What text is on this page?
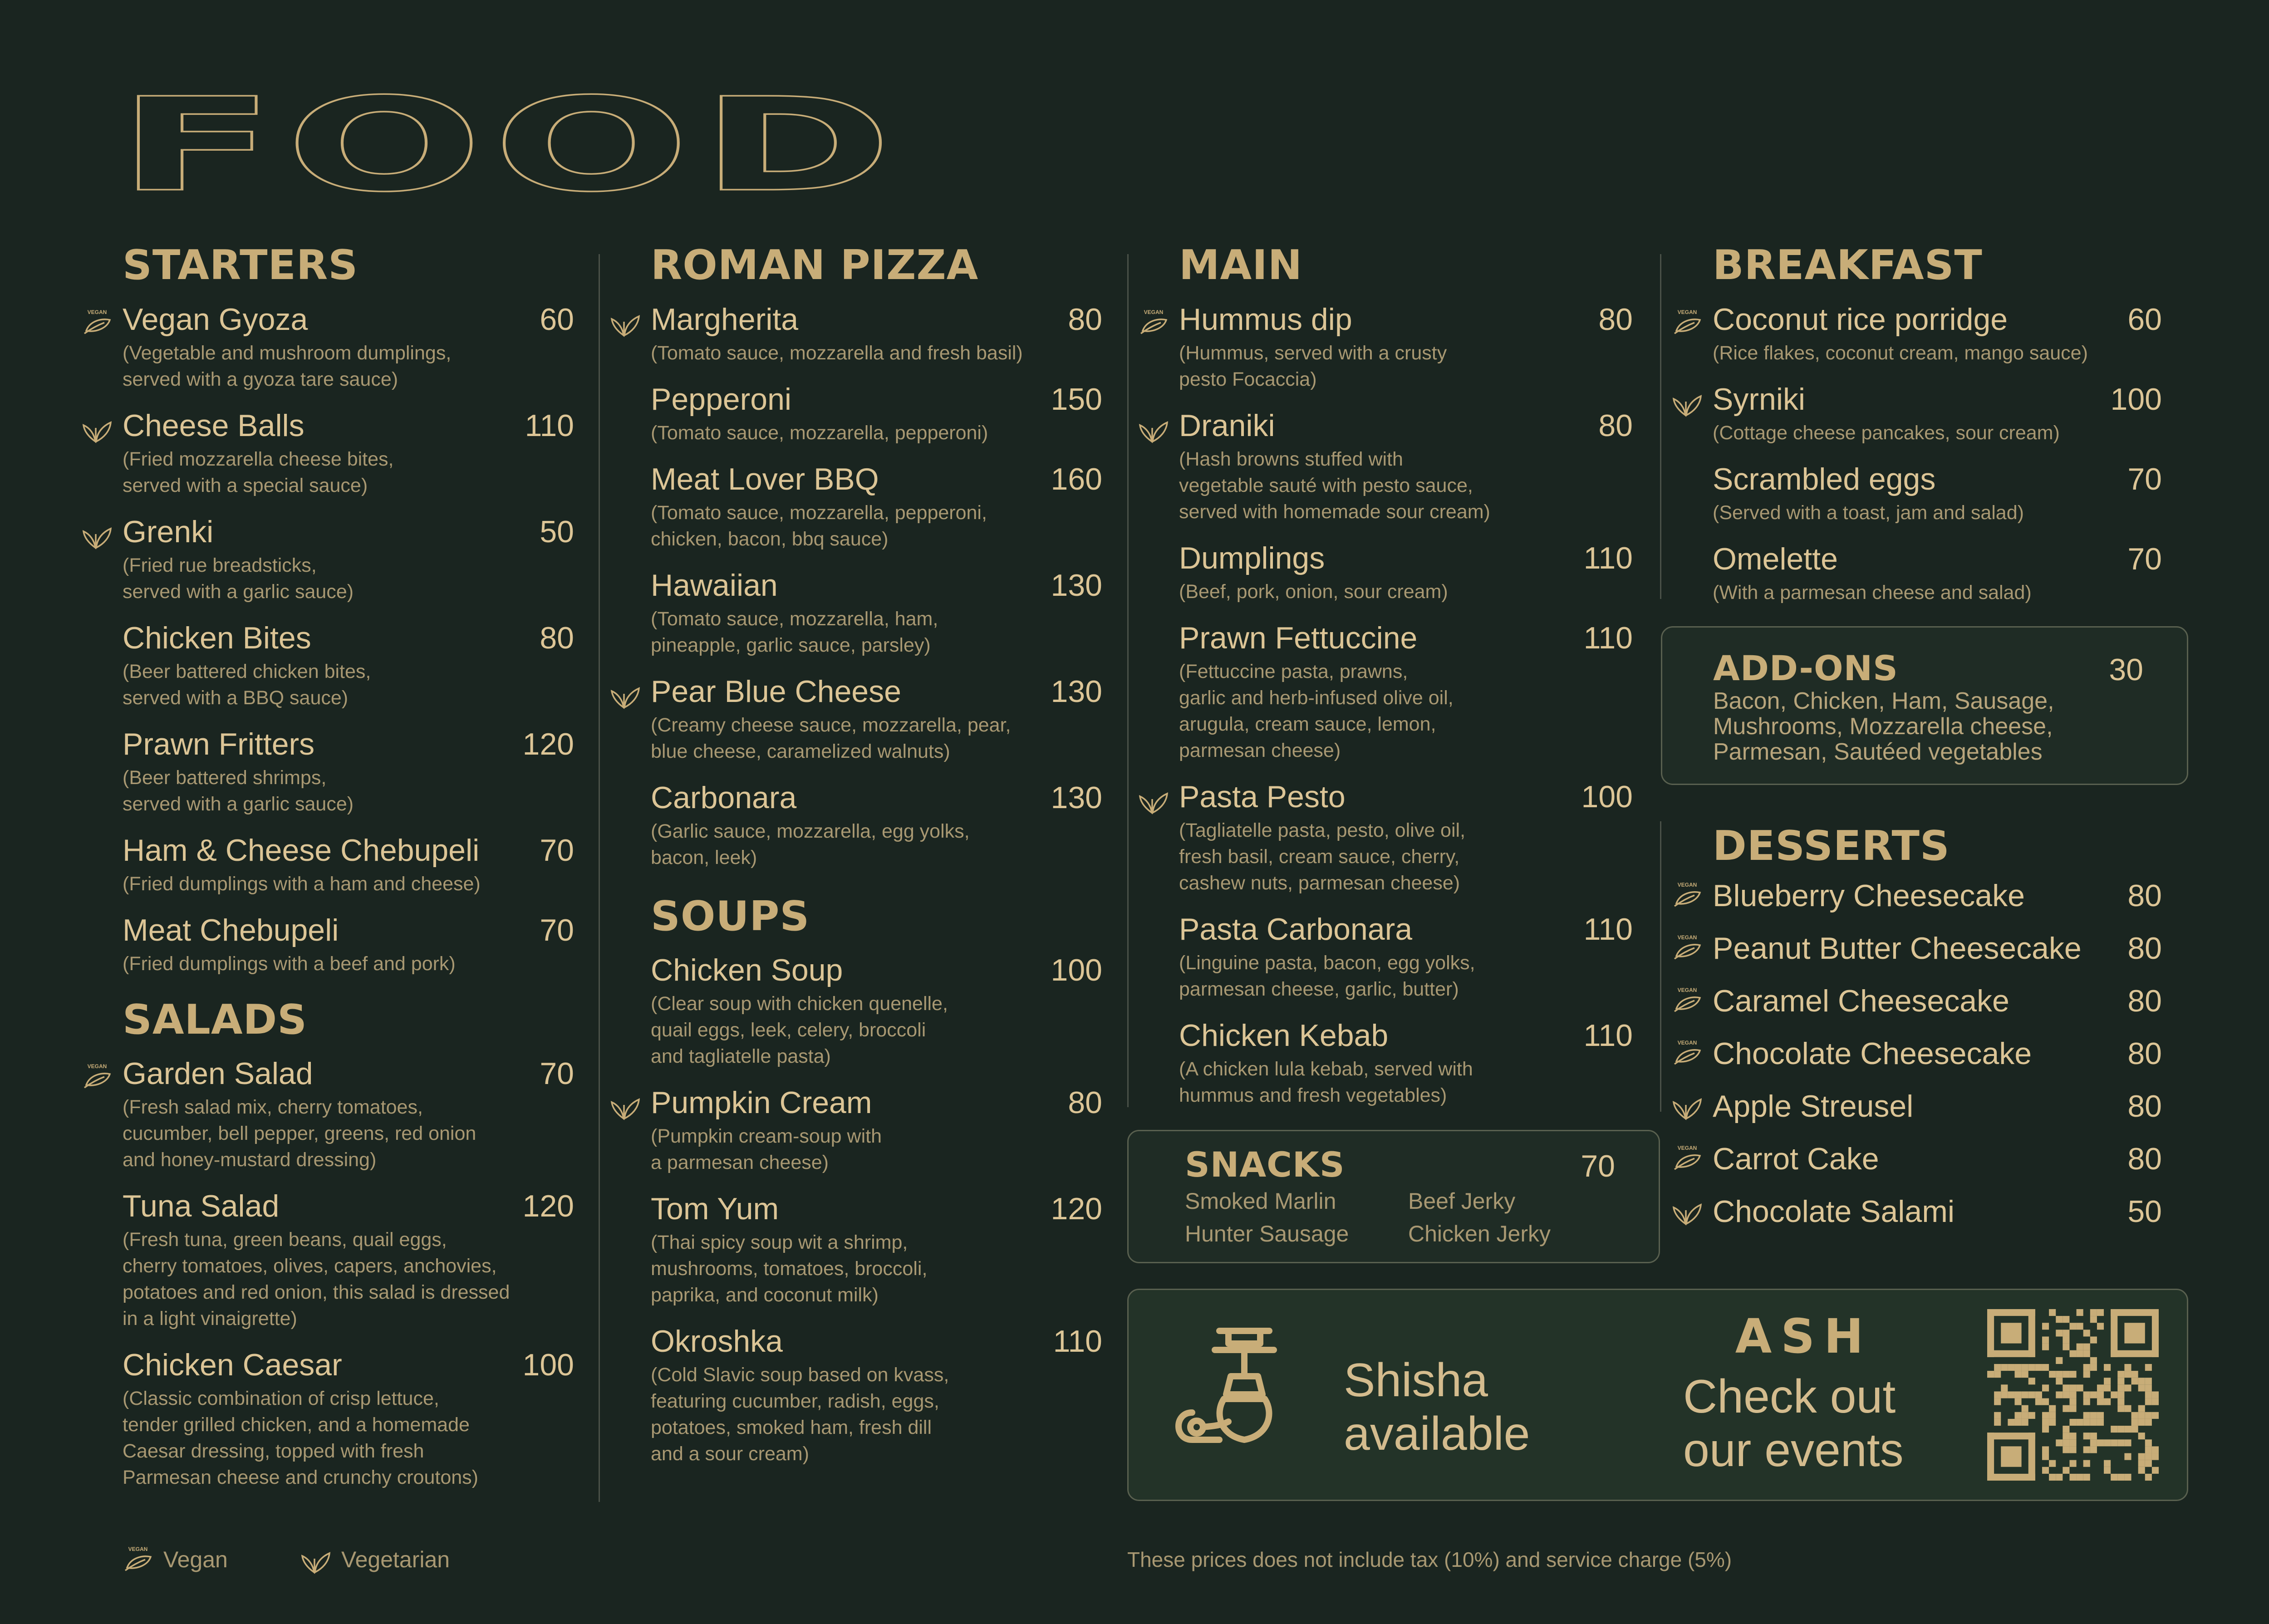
FOOD
STARTERS
VEGAN Vegan Gyoza	60
(Vegetable and mushroom dumplings,
served with a gyoza tare sauce)
Cheese Balls	110
(Fried mozzarella cheese bites,
served with a special sauce)
Grenki	50
(Fried rue breadsticks,
served with a garlic sauce)
Chicken Bites	80
(Beer battered chicken bites,
served with a BBQ sauce)
Prawn Fritters	120
(Beer battered shrimps,
served with a garlic sauce)
Ham & Cheese Chebupeli 70
(Fried dumplings with a ham and cheese)
Meat Chebupeli	70
(Fried dumplings with a beef and pork)
SALADS
VEGAN Garden Salad	70
(Fresh salad mix, cherry tomatoes,
cucumber, bell pepper, greens, red onion
and honey-mustard dressing)
Tuna Salad	120
(Fresh tuna, green beans, quail eggs,
cherry tomatoes, olives, capers, anchovies,
potatoes and red onion, this salad is dressed
in a light vinaigrette)
Chicken Caesar	100
(Classic combination of crisp lettuce,
tender grilled chicken, and a homemade
Caesar dressing, topped with fresh
Parmesan cheese and crunchy croutons)
ROMAN PIZZA
Margherita	80
(Tomato sauce, mozzarella and fresh basil)
Pepperoni	150
(Tomato sauce, mozzarella, pepperoni)
Meat Lover BBQ	160
(Tomato sauce, mozzarella, pepperoni,
chicken, bacon, bbq sauce)
Hawaiian	130
(Tomato sauce, mozzarella, ham,
pineapple, garlic sauce, parsley)
Pear Blue Cheese	130
(Creamy cheese sauce, mozzarella, pear,
blue cheese, caramelized walnuts)
Carbonara	130
(Garlic sauce, mozzarella, egg yolks,
bacon, leek)
SOUPS
Chicken Soup	100
(Clear soup with chicken quenelle,
quail eggs, leek, celery, broccoli
and tagliatelle pasta)
Pumpkin Cream	80
(Pumpkin cream-soup with
a parmesan cheese)
Tom Yum	120
(Thai spicy soup wit a shrimp,
mushrooms, tomatoes, broccoli,
paprika, and coconut milk)
Okroshka	110
(Cold Slavic soup based on kvass,
featuring cucumber, radish, eggs,
potatoes, smoked ham, fresh dill
and a sour cream)
MAIN
VEGAN Hummus dip	80
(Hummus, served with a crusty
pesto Focaccia)
Draniki	80
(Hash browns stuffed with
vegetable sauté with pesto sauce,
served with homemade sour cream)
Dumplings	110
(Beef, pork, onion, sour cream)
Prawn Fettuccine	110
(Fettuccine pasta, prawns,
garlic and herb-infused olive oil,
arugula, cream sauce, lemon,
parmesan cheese)
Pasta Pesto	100
(Tagliatelle pasta, pesto, olive oil,
fresh basil, cream sauce, cherry,
cashew nuts, parmesan cheese)
Pasta Carbonara	110
(Linguine pasta, bacon, egg yolks,
parmesan cheese, garlic, butter)
Chicken Kebab	110
(A chicken lula kebab, served with
hummus and fresh vegetables)
BREAKFAST
VEGAN Coconut rice porridge	60
(Rice flakes, coconut cream, mango sauce)
Syrniki	100
(Cottage cheese pancakes, sour cream)
Scrambled eggs	70
(Served with a toast, jam and salad)
Omelette	70
(With a parmesan cheese and salad)
ADD-ONS	30
Bacon, Chicken, Ham, Sausage,
Mushrooms, Mozzarella cheese,
Parmesan, Sautéed vegetables
DESSERTS
VEGAN Blueberry Cheesecake	80
VEGAN Peanut Butter Cheesecake 80
VEGAN Caramel Cheesecake	80
VEGAN Chocolate Cheesecake	80
Apple Streusel	80
VEGAN Carrot Cake	80
Chocolate Salami	50
SNACKS	70
Smoked Marlin	Beef Jerky
Hunter Sausage	Chicken Jerky
Shisha
available
ASH
Check out
our events
VEGAN Vegan	Vegetarian	These prices does not include tax (10%) and service charge (5%)
